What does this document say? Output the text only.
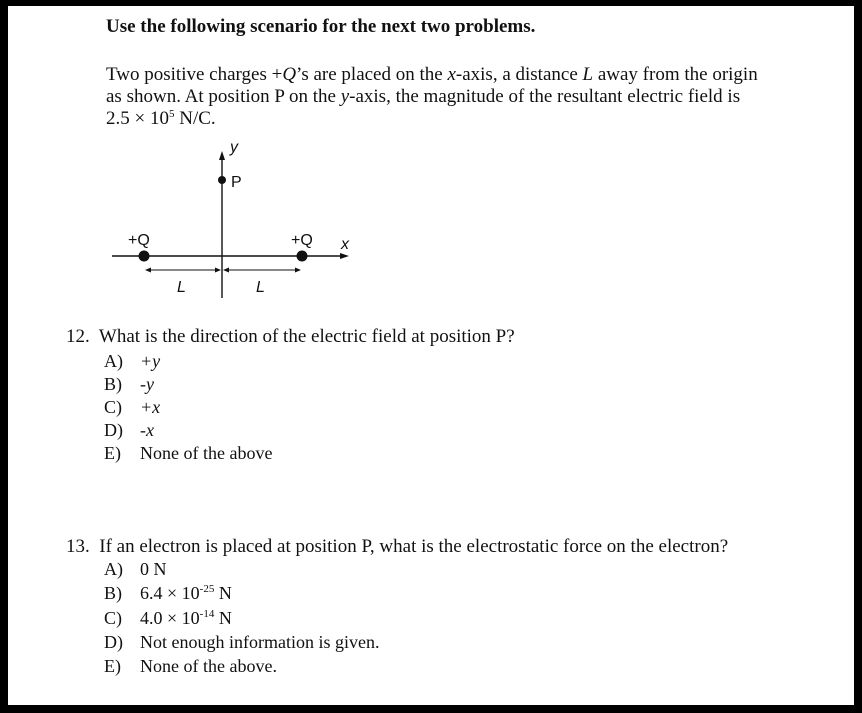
Use the following scenario for the next two problems.
Two positive charges +Q’s are placed on the x-axis, a distance L away from the origin
as shown. At position P on the y-axis, the magnitude of the resultant electric field is
$2.5 \times 10^5$ N/C.
y
P
x
+Q	+Q
L	L
12. What is the direction of the electric field at position P?
A) +y
B) -y
C) +x
D) -x
E) None of the above
13. If an electron is placed at position P, what is the electrostatic force on the electron?
A) 0 N
B) $6.4 \times 10^{-25}$ N
C) $4.0 \times 10^{-14}$ N
D) Not enough information is given.
E) None of the above.
